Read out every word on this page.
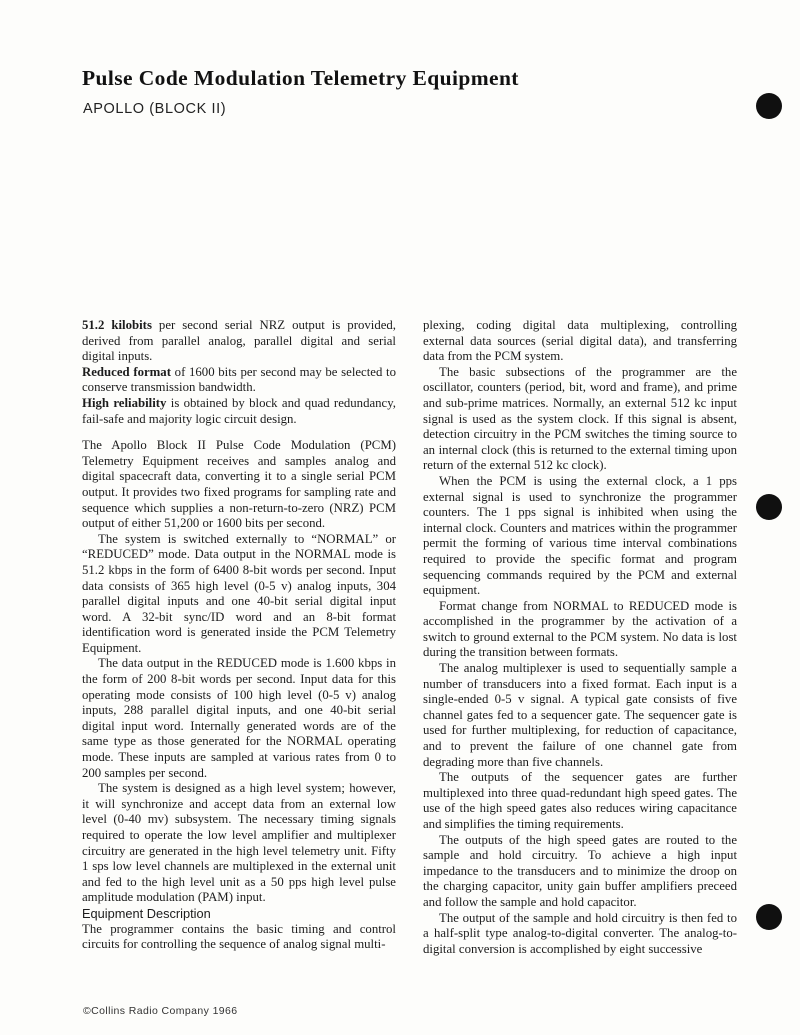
Pulse Code Modulation Telemetry Equipment
APOLLO (BLOCK II)

51.2 kilobits per second serial NRZ output is provided, derived from parallel analog, parallel digital and serial digital inputs.

Reduced format of 1600 bits per second may be selected to conserve transmission bandwidth.

High reliability is obtained by block and quad redundancy, fail-safe and majority logic circuit design.

The Apollo Block II Pulse Code Modulation (PCM) Telemetry Equipment receives and samples analog and digital spacecraft data, converting it to a single serial PCM output. It provides two fixed programs for sampling rate and sequence which supplies a non-return-to-zero (NRZ) PCM output of either 51,200 or 1600 bits per second.

The system is switched externally to “NORMAL” or “REDUCED” mode. Data output in the NORMAL mode is 51.2 kbps in the form of 6400 8-bit words per second. Input data consists of 365 high level (0-5 v) analog inputs, 304 parallel digital inputs and one 40-bit serial digital input word. A 32-bit sync/ID word and an 8-bit format identification word is generated inside the PCM Telemetry Equipment.

The data output in the REDUCED mode is 1.600 kbps in the form of 200 8-bit words per second. Input data for this operating mode consists of 100 high level (0-5 v) analog inputs, 288 parallel digital inputs, and one 40-bit serial digital input word. Internally generated words are of the same type as those generated for the NORMAL operating mode. These inputs are sampled at various rates from 0 to 200 samples per second.

The system is designed as a high level system; however, it will synchronize and accept data from an external low level (0-40 mv) subsystem. The necessary timing signals required to operate the low level amplifier and multiplexer circuitry are generated in the high level telemetry unit. Fifty 1 sps low level channels are multiplexed in the external unit and fed to the high level unit as a 50 pps high level pulse amplitude modulation (PAM) input.

Equipment Description

The programmer contains the basic timing and control circuits for controlling the sequence of analog signal multi-

plexing, coding digital data multiplexing, controlling external data sources (serial digital data), and transferring data from the PCM system.

The basic subsections of the programmer are the oscillator, counters (period, bit, word and frame), and prime and sub-prime matrices. Normally, an external 512 kc input signal is used as the system clock. If this signal is absent, detection circuitry in the PCM switches the timing source to an internal clock (this is returned to the external timing upon return of the external 512 kc clock).

When the PCM is using the external clock, a 1 pps external signal is used to synchronize the programmer counters. The 1 pps signal is inhibited when using the internal clock. Counters and matrices within the programmer permit the forming of various time interval combinations required to provide the specific format and program sequencing commands required by the PCM and external equipment.

Format change from NORMAL to REDUCED mode is accomplished in the programmer by the activation of a switch to ground external to the PCM system. No data is lost during the transition between formats.

The analog multiplexer is used to sequentially sample a number of transducers into a fixed format. Each input is a single-ended 0-5 v signal. A typical gate consists of five channel gates fed to a sequencer gate. The sequencer gate is used for further multiplexing, for reduction of capacitance, and to prevent the failure of one channel gate from degrading more than five channels.

The outputs of the sequencer gates are further multiplexed into three quad-redundant high speed gates. The use of the high speed gates also reduces wiring capacitance and simplifies the timing requirements.

The outputs of the high speed gates are routed to the sample and hold circuitry. To achieve a high input impedance to the transducers and to minimize the droop on the charging capacitor, unity gain buffer amplifiers preceed and follow the sample and hold capacitor.

The output of the sample and hold circuitry is then fed to a half-split type analog-to-digital converter. The analog-to-digital conversion is accomplished by eight successive

©Collins Radio Company 1966
